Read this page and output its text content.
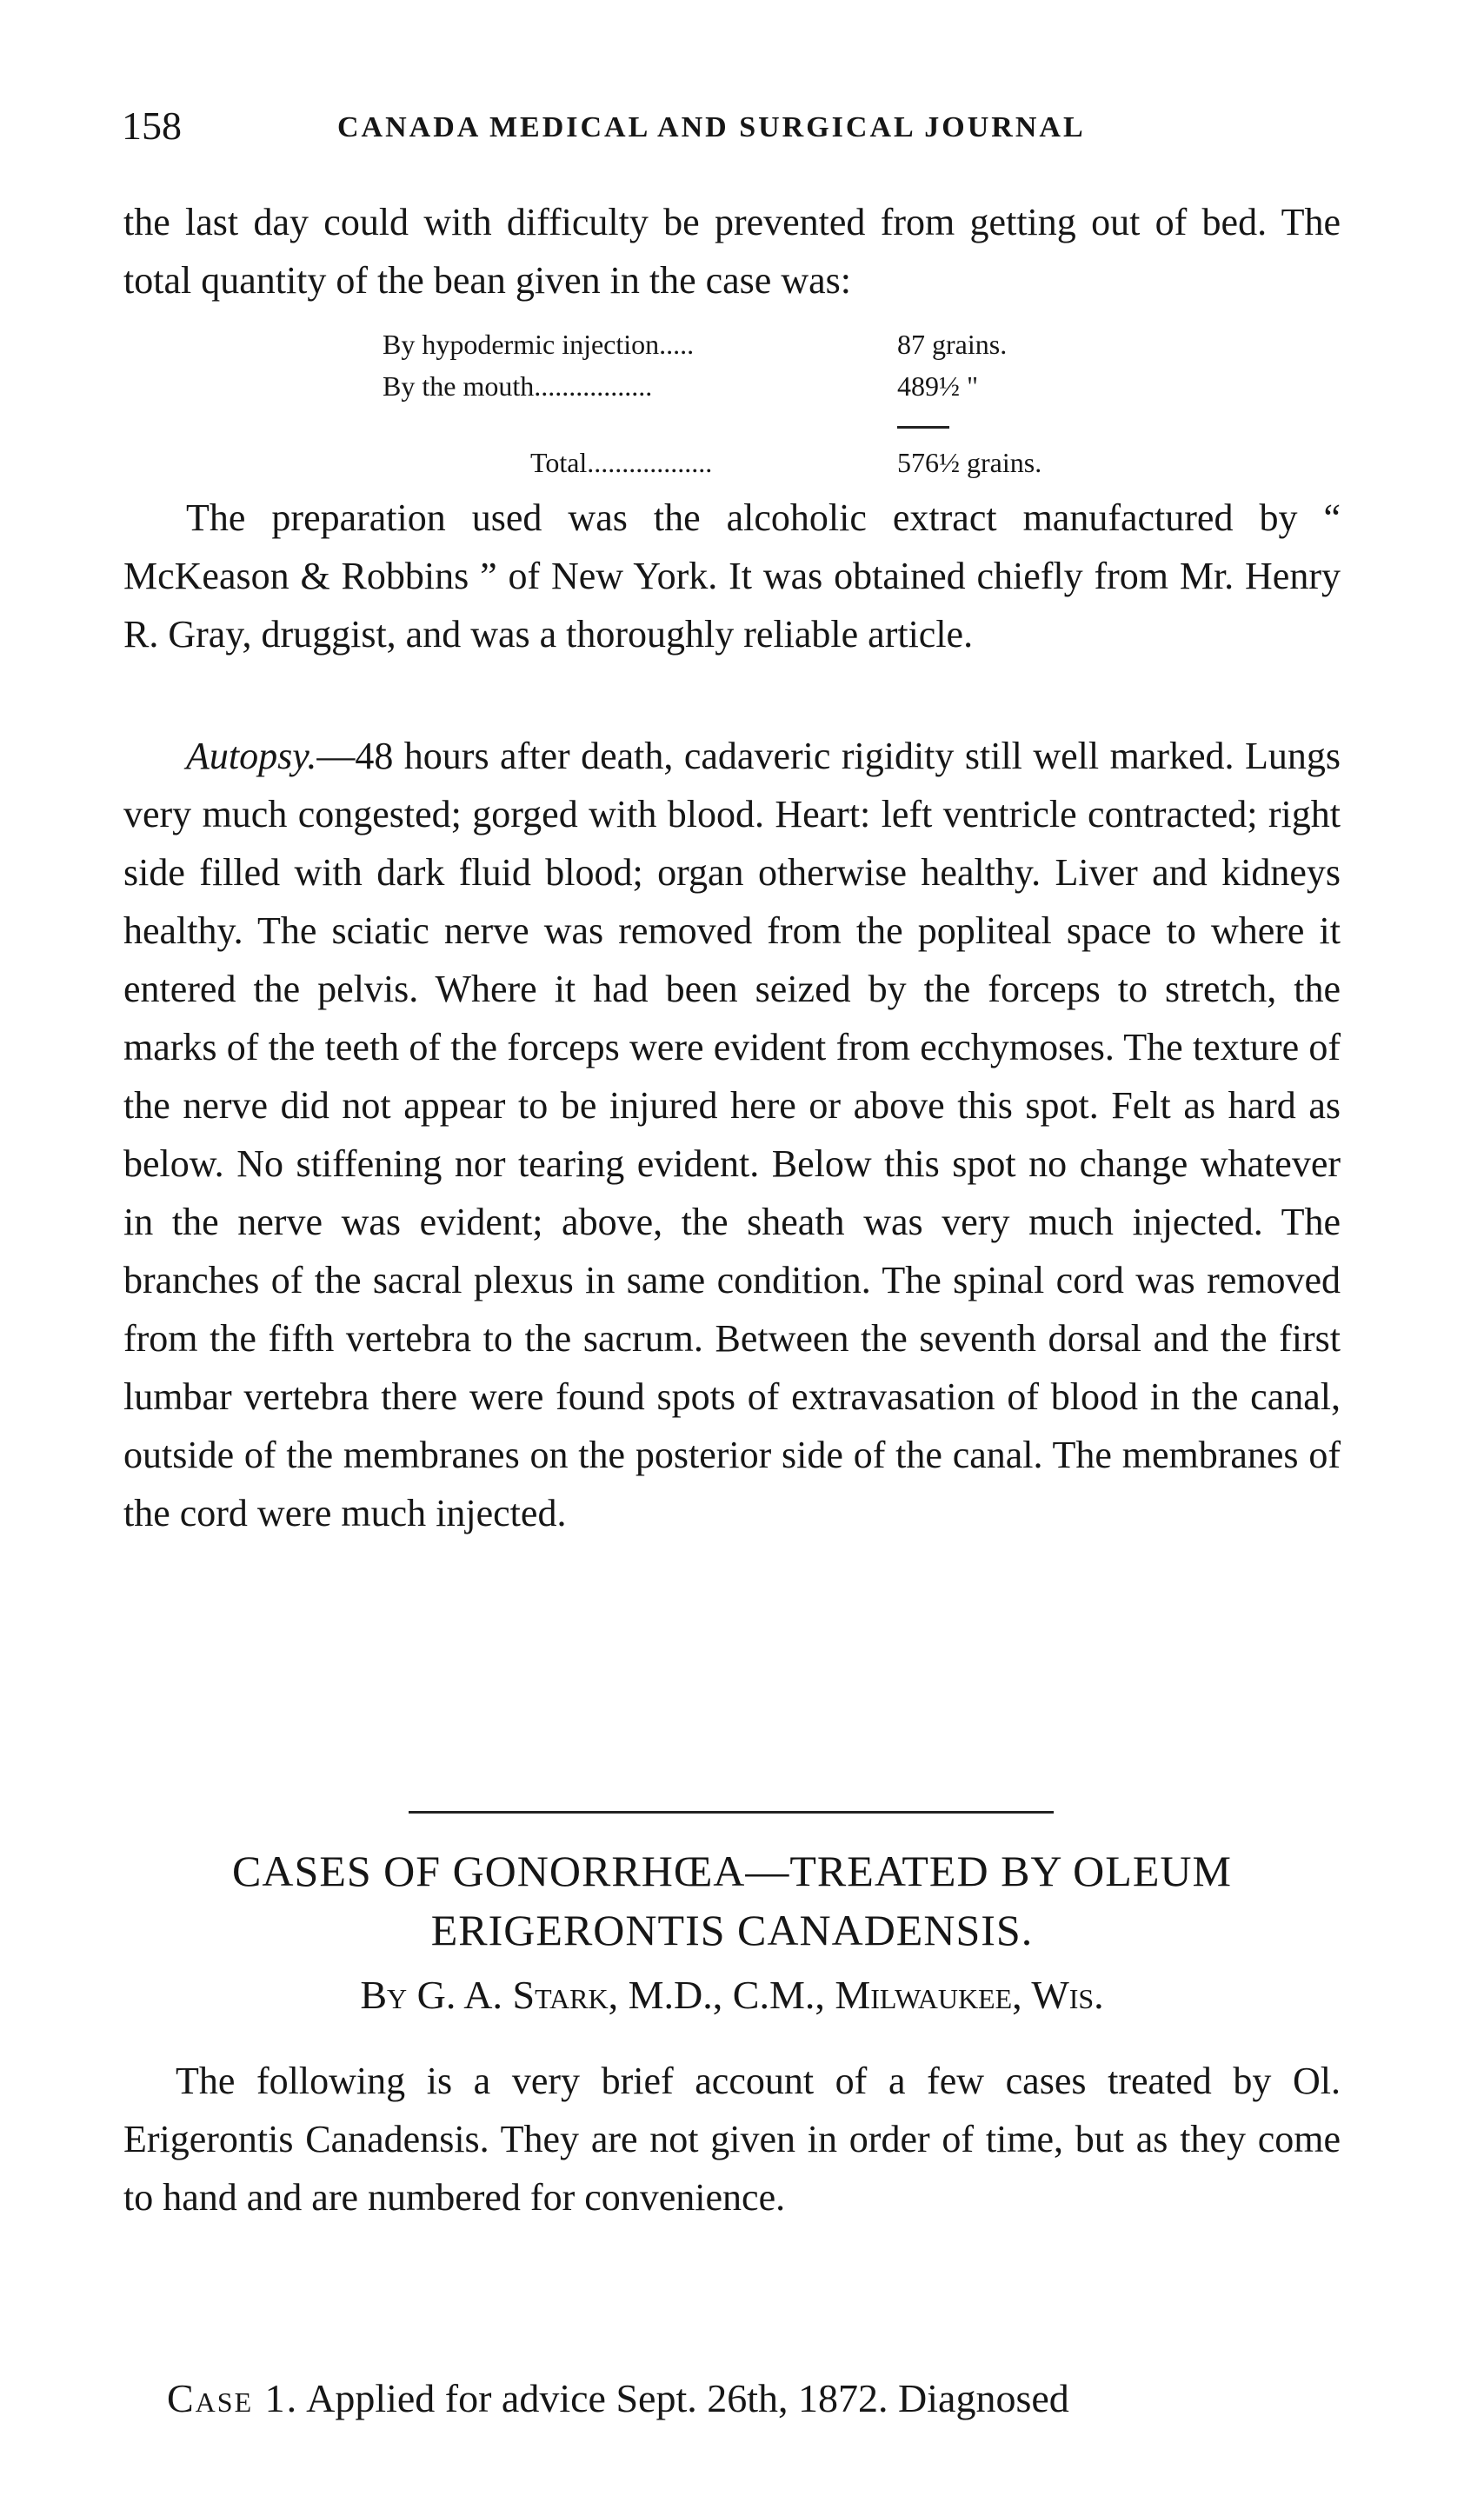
158	CANADA MEDICAL AND SURGICAL JOURNAL

the last day could with difficulty be prevented from getting out of bed. The total quantity of the bean given in the case was:

By hypodermic injection.....	87 grains.
By the mouth.................	489½ "
Total..................	576½ grains.

The preparation used was the alcoholic extract manufactured by “ McKeason & Robbins ” of New York. It was obtained chiefly from Mr. Henry R. Gray, druggist, and was a thoroughly reliable article.

Autopsy.—48 hours after death, cadaveric rigidity still well marked. Lungs very much congested; gorged with blood. Heart: left ventricle contracted; right side filled with dark fluid blood; organ otherwise healthy. Liver and kidneys healthy. The sciatic nerve was removed from the popliteal space to where it entered the pelvis. Where it had been seized by the forceps to stretch, the marks of the teeth of the forceps were evident from ecchymoses. The texture of the nerve did not appear to be injured here or above this spot. Felt as hard as below. No stiffening nor tearing evident. Below this spot no change whatever in the nerve was evident; above, the sheath was very much injected. The branches of the sacral plexus in same condition. The spinal cord was removed from the fifth vertebra to the sacrum. Between the seventh dorsal and the first lumbar vertebra there were found spots of extravasation of blood in the canal, outside of the membranes on the posterior side of the canal. The membranes of the cord were much injected.

CASES OF GONORRHŒA—TREATED BY OLEUM
ERIGERONTIS CANADENSIS.
By G. A. Stark, M.D., C.M., Milwaukee, Wis.

The following is a very brief account of a few cases treated by Ol. Erigerontis Canadensis. They are not given in order of time, but as they come to hand and are numbered for convenience.

Case 1. Applied for advice Sept. 26th, 1872. Diagnosed
